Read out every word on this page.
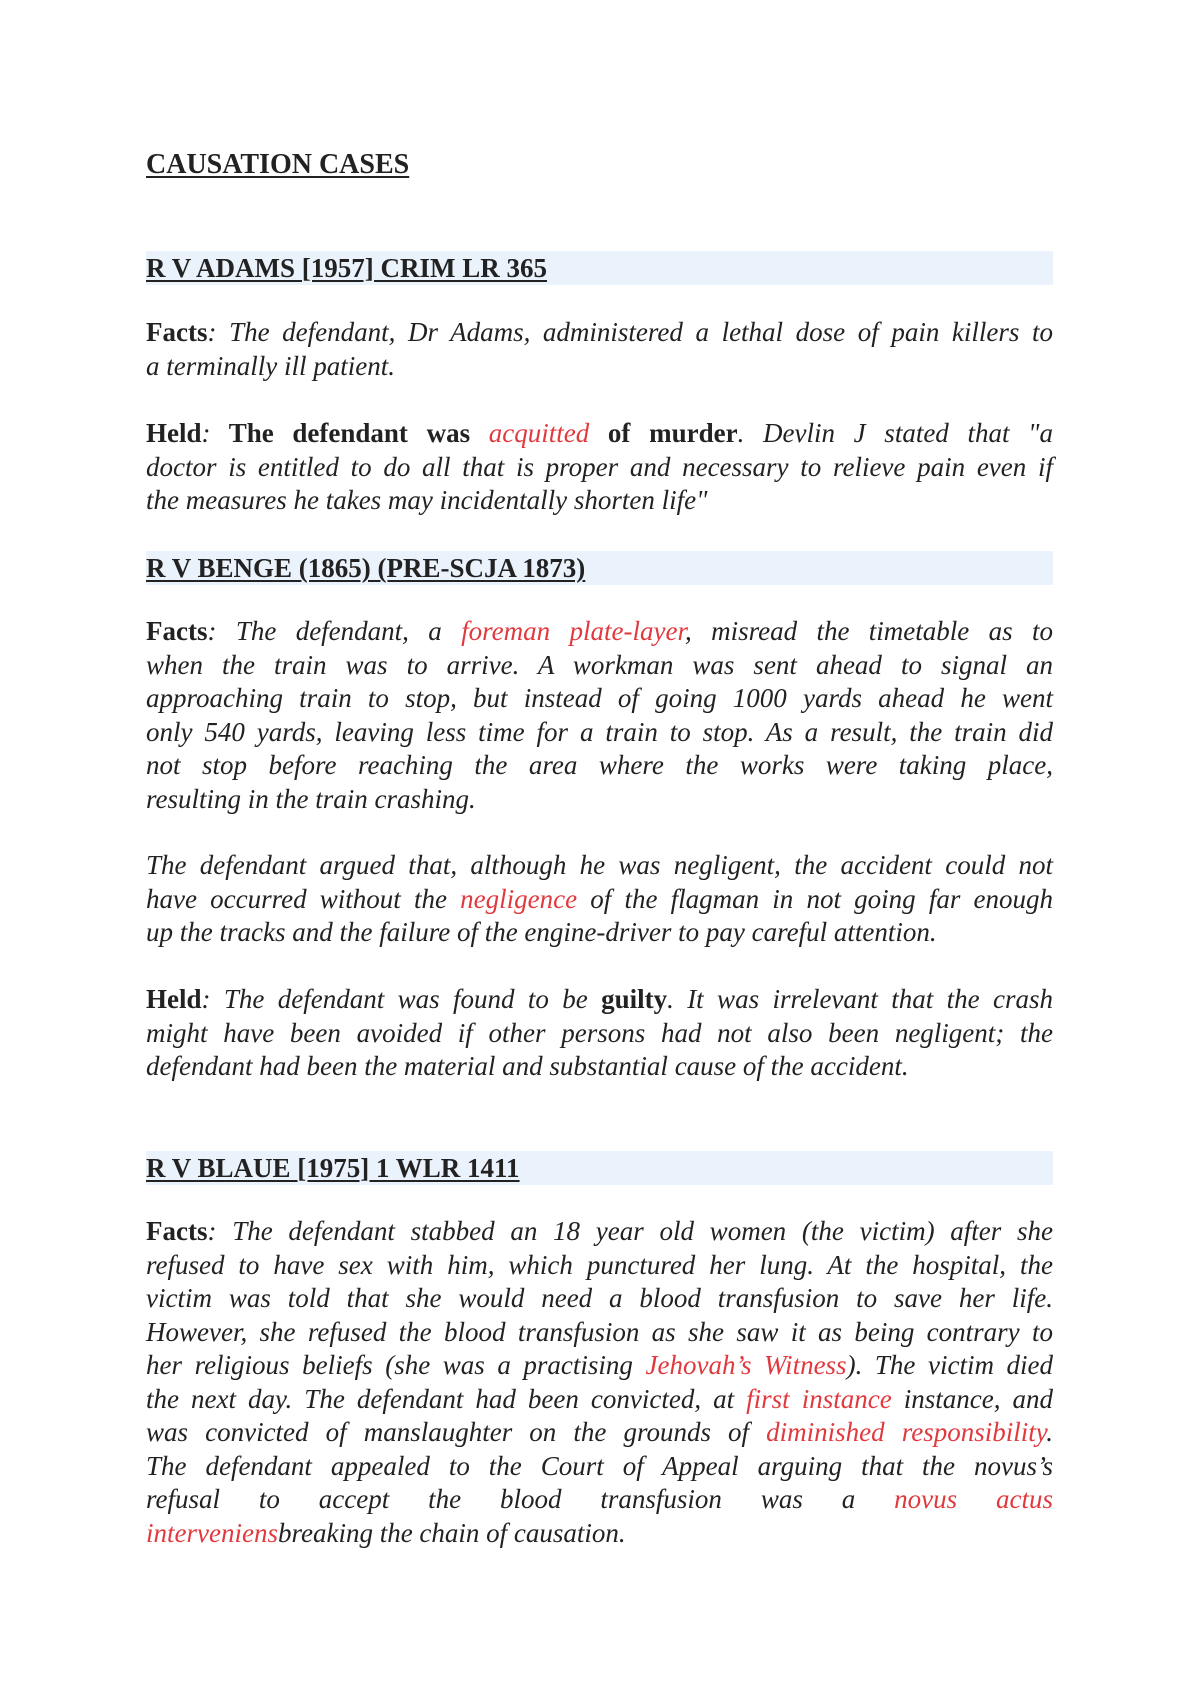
CAUSATION CASES
R V ADAMS [1957] CRIM LR 365
Facts: The defendant, Dr Adams, administered a lethal dose of pain killers to
a terminally ill patient.
Held: The defendant was acquitted of murder. Devlin J stated that "a
doctor is entitled to do all that is proper and necessary to relieve pain even if
the measures he takes may incidentally shorten life"
R V BENGE (1865) (PRE-SCJA 1873)
Facts: The defendant, a foreman plate-layer, misread the timetable as to
when the train was to arrive. A workman was sent ahead to signal an
approaching train to stop, but instead of going 1000 yards ahead he went
only 540 yards, leaving less time for a train to stop. As a result, the train did
not stop before reaching the area where the works were taking place,
resulting in the train crashing.
The defendant argued that, although he was negligent, the accident could not
have occurred without the negligence of the flagman in not going far enough
up the tracks and the failure of the engine-driver to pay careful attention.
Held: The defendant was found to be guilty. It was irrelevant that the crash
might have been avoided if other persons had not also been negligent; the
defendant had been the material and substantial cause of the accident.
R V BLAUE [1975] 1 WLR 1411
Facts: The defendant stabbed an 18 year old women (the victim) after she
refused to have sex with him, which punctured her lung. At the hospital, the
victim was told that she would need a blood transfusion to save her life.
However, she refused the blood transfusion as she saw it as being contrary to
her religious beliefs (she was a practising Jehovah’s Witness). The victim died
the next day. The defendant had been convicted, at first instance instance, and
was convicted of manslaughter on the grounds of diminished responsibility.
The defendant appealed to the Court of Appeal arguing that the novus’s
refusal to accept the blood transfusion was a novus actus
interveniensbreaking the chain of causation.
